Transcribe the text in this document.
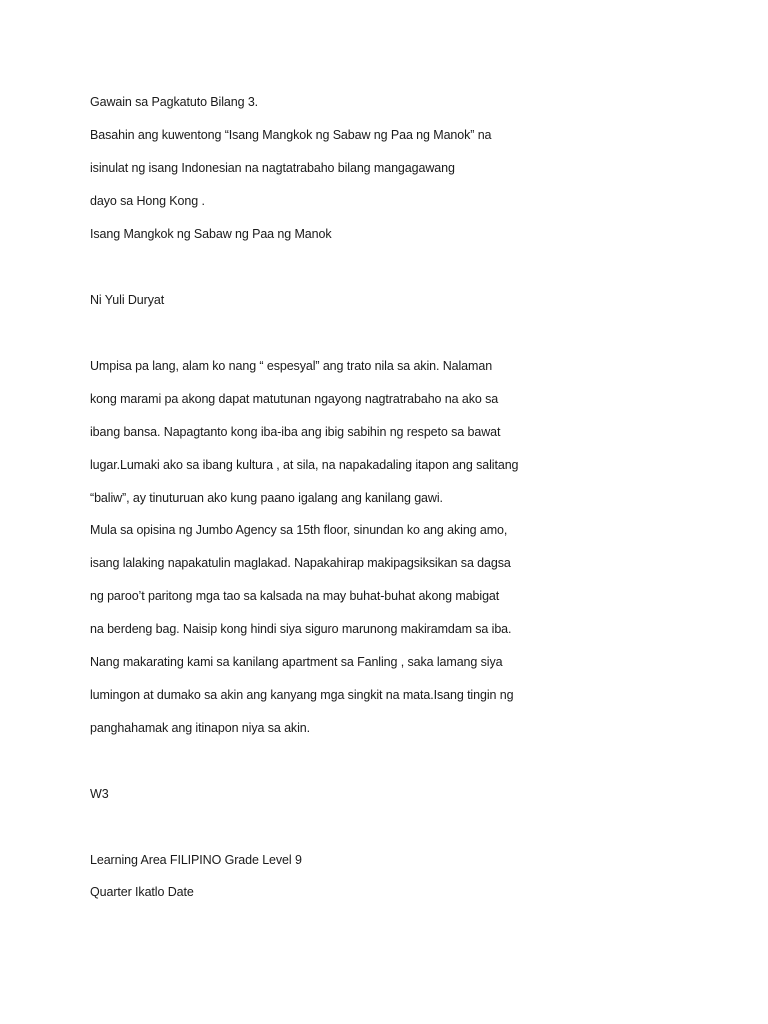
Gawain sa Pagkatuto Bilang 3.
Basahin ang kuwentong “Isang Mangkok ng Sabaw ng Paa ng Manok” na
isinulat ng isang Indonesian na nagtatrabaho bilang mangagawang
dayo sa Hong Kong .
Isang Mangkok ng Sabaw ng Paa ng Manok
Ni Yuli Duryat
Umpisa pa lang, alam ko nang “ espesyal” ang trato nila sa akin. Nalaman
kong marami pa akong dapat matutunan ngayong nagtratrabaho na ako sa
ibang bansa. Napagtanto kong iba-iba ang ibig sabihin ng respeto sa bawat
lugar.Lumaki ako sa ibang kultura , at sila, na napakadaling itapon ang salitang
“baliw”, ay tinuturuan ako kung paano igalang ang kanilang gawi.
Mula sa opisina ng Jumbo Agency sa 15th floor, sinundan ko ang aking amo,
isang lalaking napakatulin maglakad. Napakahirap makipagsiksikan sa dagsa
ng paroo’t paritong mga tao sa kalsada na may buhat-buhat akong mabigat
na berdeng bag. Naisip kong hindi siya siguro marunong makiramdam sa iba.
Nang makarating kami sa kanilang apartment sa Fanling , saka lamang siya
lumingon at dumako sa akin ang kanyang mga singkit na mata.Isang tingin ng
panghahamak ang itinapon niya sa akin.
W3
Learning Area FILIPINO Grade Level 9
Quarter Ikatlo Date
